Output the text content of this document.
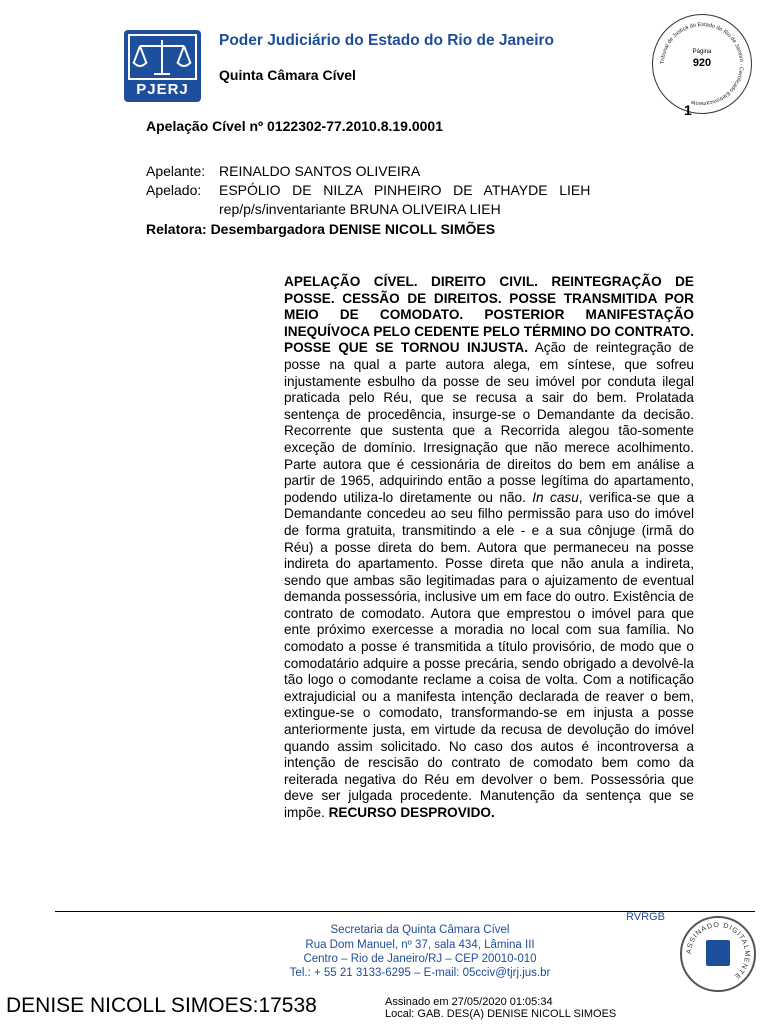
PJERJ
Poder Judiciário do Estado do Rio de Janeiro
Quinta Câmara Cível
Tribunal de Justiça do Estado do Rio de Janeiro · Certificado Eletronicamente
Página
920
1
Apelação Cível nº 0122302-77.2010.8.19.0001
Apelante: REINALDO SANTOS OLIVEIRA
Apelado: ESPÓLIO   DE   NILZA   PINHEIRO   DE   ATHAYDE   LIEH
rep/p/s/inventariante BRUNA OLIVEIRA LIEH
Relatora: Desembargadora DENISE NICOLL SIMÕES
APELAÇÃO CÍVEL. DIREITO CIVIL. REINTEGRAÇÃO DE POSSE. CESSÃO DE DIREITOS. POSSE TRANSMITIDA POR MEIO DE COMODATO. POSTERIOR MANIFESTAÇÃO INEQUÍVOCA PELO CEDENTE PELO TÉRMINO DO CONTRATO. POSSE QUE SE TORNOU INJUSTA. Ação de reintegração de posse na qual a parte autora alega, em síntese, que sofreu injustamente esbulho da posse de seu imóvel por conduta ilegal praticada pelo Réu, que se recusa a sair do bem. Prolatada sentença de procedência, insurge-se o Demandante da decisão. Recorrente que sustenta que a Recorrida alegou tão-somente exceção de domínio. Irresignação que não merece acolhimento. Parte autora que é cessionária de direitos do bem em análise a partir de 1965, adquirindo então a posse legítima do apartamento, podendo utiliza-lo diretamente ou não. In casu, verifica-se que a Demandante concedeu ao seu filho permissão para uso do imóvel de forma gratuita, transmitindo a ele - e a sua cônjuge (irmã do Réu) a posse direta do bem. Autora que permaneceu na posse indireta do apartamento. Posse direta que não anula a indireta, sendo que ambas são legitimadas para o ajuizamento de eventual demanda possessória, inclusive um em face do outro. Existência de contrato de comodato. Autora que emprestou o imóvel para que ente próximo exercesse a moradia no local com sua família. No comodato a posse é transmitida a título provisório, de modo que o comodatário adquire a posse precária, sendo obrigado a devolvê-la tão logo o comodante reclame a coisa de volta. Com a notificação extrajudicial ou a manifesta intenção declarada de reaver o bem, extingue-se o comodato, transformando-se em injusta a posse anteriormente justa, em virtude da recusa de devolução do imóvel quando assim solicitado. No caso dos autos é incontroversa a intenção de rescisão do contrato de comodato bem como da reiterada negativa do Réu em devolver o bem. Possessória que deve ser julgada procedente. Manutenção da sentença que se impõe. RECURSO DESPROVIDO.
RVRGB
Secretaria da Quinta Câmara Cível
Rua Dom Manuel, nº 37, sala 434, Lâmina III
Centro – Rio de Janeiro/RJ – CEP 20010-010
Tel.: + 55 21 3133-6295 – E-mail: 05cciv@tjrj.jus.br
ASSINADO DIGITALMENTE
DENISE NICOLL SIMOES:17538	Assinado em 27/05/2020 01:05:34
Local: GAB. DES(A) DENISE NICOLL SIMOES
